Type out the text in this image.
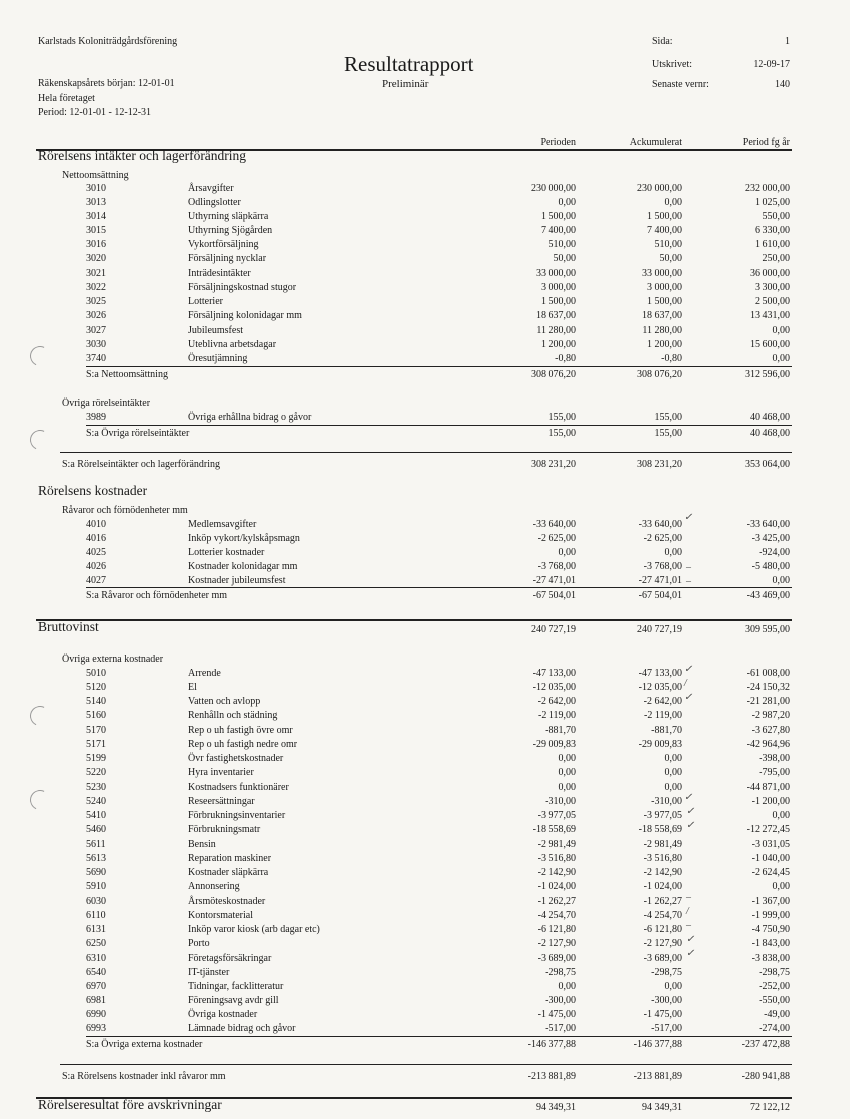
Karlstads Koloniträdgårdsförening
Resultatrapport
Preliminär
Räkenskapsårets början: 12-01-01
Hela företaget
Period: 12-01-01 - 12-12-31
Sida:	1
Utskrivet:	12-09-17
Senaste vernr:	140
Perioden	Ackumulerat	Period fg år
✓
–
–
✓
/
✓
✓
✓
✓
–
/
–
✓
✓
Rörelsens intäkter och lagerförändring
Nettoomsättning
3010	Årsavgifter	230 000,00	230 000,00	232 000,00
3013	Odlingslotter	0,00	0,00	1 025,00
3014	Uthyrning släpkärra	1 500,00	1 500,00	550,00
3015	Uthyrning Sjögården	7 400,00	7 400,00	6 330,00
3016	Vykortförsäljning	510,00	510,00	1 610,00
3020	Försäljning nycklar	50,00	50,00	250,00
3021	Inträdesintäkter	33 000,00	33 000,00	36 000,00
3022	Försäljningskostnad stugor	3 000,00	3 000,00	3 300,00
3025	Lotterier	1 500,00	1 500,00	2 500,00
3026	Försäljning kolonidagar mm	18 637,00	18 637,00	13 431,00
3027	Jubileumsfest	11 280,00	11 280,00	0,00
3030	Uteblivna arbetsdagar	1 200,00	1 200,00	15 600,00
3740	Öresutjämning	-0,80	-0,80	0,00
S:a Nettoomsättning	308 076,20	308 076,20	312 596,00
Övriga rörelseintäkter
3989	Övriga erhållna bidrag o gåvor	155,00	155,00	40 468,00
S:a Övriga rörelseintäkter	155,00	155,00	40 468,00
S:a Rörelseintäkter och lagerförändring	308 231,20	308 231,20	353 064,00
Rörelsens kostnader
Råvaror och förnödenheter mm
4010	Medlemsavgifter	-33 640,00	-33 640,00	-33 640,00
4016	Inköp vykort/kylskåpsmagn	-2 625,00	-2 625,00	-3 425,00
4025	Lotterier kostnader	0,00	0,00	-924,00
4026	Kostnader kolonidagar mm	-3 768,00	-3 768,00	-5 480,00
4027	Kostnader jubileumsfest	-27 471,01	-27 471,01	0,00
S:a Råvaror och förnödenheter mm	-67 504,01	-67 504,01	-43 469,00
Bruttovinst	240 727,19	240 727,19	309 595,00
Övriga externa kostnader
5010	Arrende	-47 133,00	-47 133,00	-61 008,00
5120	El	-12 035,00	-12 035,00	-24 150,32
5140	Vatten och avlopp	-2 642,00	-2 642,00	-21 281,00
5160	Renhålln och städning	-2 119,00	-2 119,00	-2 987,20
5170	Rep o uh fastigh övre omr	-881,70	-881,70	-3 627,80
5171	Rep o uh fastigh nedre omr	-29 009,83	-29 009,83	-42 964,96
5199	Övr fastighetskostnader	0,00	0,00	-398,00
5220	Hyra inventarier	0,00	0,00	-795,00
5230	Kostnadsers funktionärer	0,00	0,00	-44 871,00
5240	Reseersättningar	-310,00	-310,00	-1 200,00
5410	Förbrukningsinventarier	-3 977,05	-3 977,05	0,00
5460	Förbrukningsmatr	-18 558,69	-18 558,69	-12 272,45
5611	Bensin	-2 981,49	-2 981,49	-3 031,05
5613	Reparation maskiner	-3 516,80	-3 516,80	-1 040,00
5690	Kostnader släpkärra	-2 142,90	-2 142,90	-2 624,45
5910	Annonsering	-1 024,00	-1 024,00	0,00
6030	Årsmöteskostnader	-1 262,27	-1 262,27	-1 367,00
6110	Kontorsmaterial	-4 254,70	-4 254,70	-1 999,00
6131	Inköp varor kiosk (arb dagar etc)	-6 121,80	-6 121,80	-4 750,90
6250	Porto	-2 127,90	-2 127,90	-1 843,00
6310	Företagsförsäkringar	-3 689,00	-3 689,00	-3 838,00
6540	IT-tjänster	-298,75	-298,75	-298,75
6970	Tidningar, facklitteratur	0,00	0,00	-252,00
6981	Föreningsavg avdr gill	-300,00	-300,00	-550,00
6990	Övriga kostnader	-1 475,00	-1 475,00	-49,00
6993	Lämnade bidrag och gåvor	-517,00	-517,00	-274,00
S:a Övriga externa kostnader	-146 377,88	-146 377,88	-237 472,88
S:a Rörelsens kostnader inkl råvaror mm	-213 881,89	-213 881,89	-280 941,88
Rörelseresultat före avskrivningar	94 349,31	94 349,31	72 122,12
